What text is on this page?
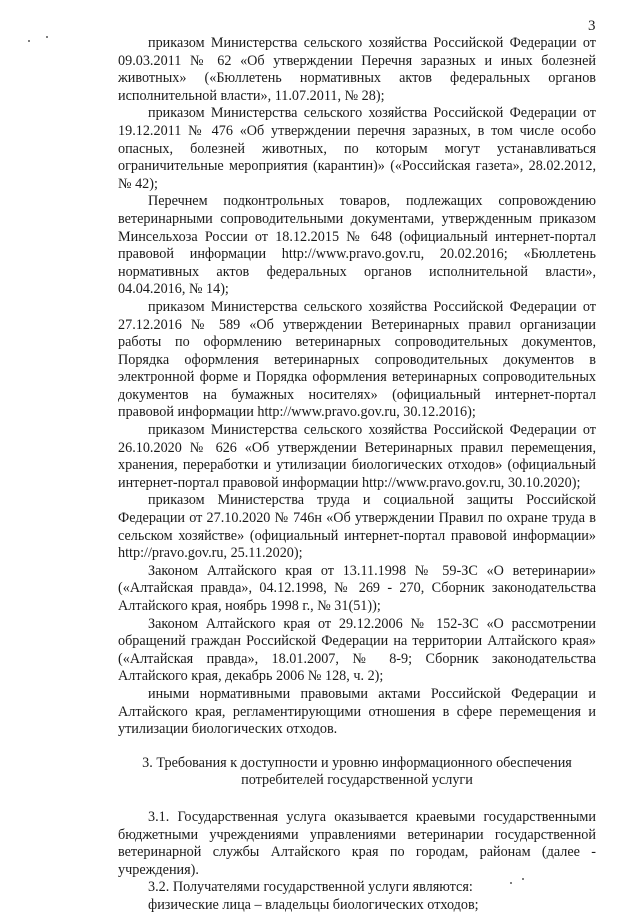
3

приказом Министерства сельского хозяйства Российской Федерации от 09.03.2011 № 62 «Об утверждении Перечня заразных и иных болезней животных» («Бюллетень нормативных актов федеральных органов исполнительной власти», 11.07.2011, № 28);

приказом Министерства сельского хозяйства Российской Федерации от 19.12.2011 № 476 «Об утверждении перечня заразных, в том числе особо опасных, болезней животных, по которым могут устанавливаться ограничительные мероприятия (карантин)» («Российская газета», 28.02.2012, № 42);

Перечнем подконтрольных товаров, подлежащих сопровождению ветеринарными сопроводительными документами, утвержденным приказом Минсельхоза России от 18.12.2015 № 648 (официальный интернет-портал правовой информации http://www.pravo.gov.ru, 20.02.2016; «Бюллетень нормативных актов федеральных органов исполнительной власти», 04.04.2016, № 14);

приказом Министерства сельского хозяйства Российской Федерации от 27.12.2016 № 589 «Об утверждении Ветеринарных правил организации работы по оформлению ветеринарных сопроводительных документов, Порядка оформления ветеринарных сопроводительных документов в электронной форме и Порядка оформления ветеринарных сопроводительных документов на бумажных носителях» (официальный интернет-портал правовой информации http://www.pravo.gov.ru, 30.12.2016);

приказом Министерства сельского хозяйства Российской Федерации от 26.10.2020 № 626 «Об утверждении Ветеринарных правил перемещения, хранения, переработки и утилизации биологических отходов» (официальный интернет-портал правовой информации http://www.pravo.gov.ru, 30.10.2020);

приказом Министерства труда и социальной защиты Российской Федерации от 27.10.2020 № 746н «Об утверждении Правил по охране труда в сельском хозяйстве» (официальный интернет-портал правовой информации» http://pravo.gov.ru, 25.11.2020);

Законом Алтайского края от 13.11.1998 № 59-ЗС «О ветеринарии» («Алтайская правда», 04.12.1998, № 269 - 270, Сборник законодательства Алтайского края, ноябрь 1998 г., № 31(51));

Законом Алтайского края от 29.12.2006 № 152-ЗС «О рассмотрении обращений граждан Российской Федерации на территории Алтайского края» («Алтайская правда», 18.01.2007, № 8-9; Сборник законодательства Алтайского края, декабрь 2006 № 128, ч. 2);

иными нормативными правовыми актами Российской Федерации и Алтайского края, регламентирующими отношения в сфере перемещения и утилизации биологических отходов.

3. Требования к доступности и уровню информационного обеспечения
потребителей государственной услуги

3.1. Государственная услуга оказывается краевыми государственными бюджетными учреждениями управлениями ветеринарии государственной ветеринарной службы Алтайского края по городам, районам (далее - учреждения).

3.2. Получателями государственной услуги являются:

физические лица – владельцы биологических отходов;
